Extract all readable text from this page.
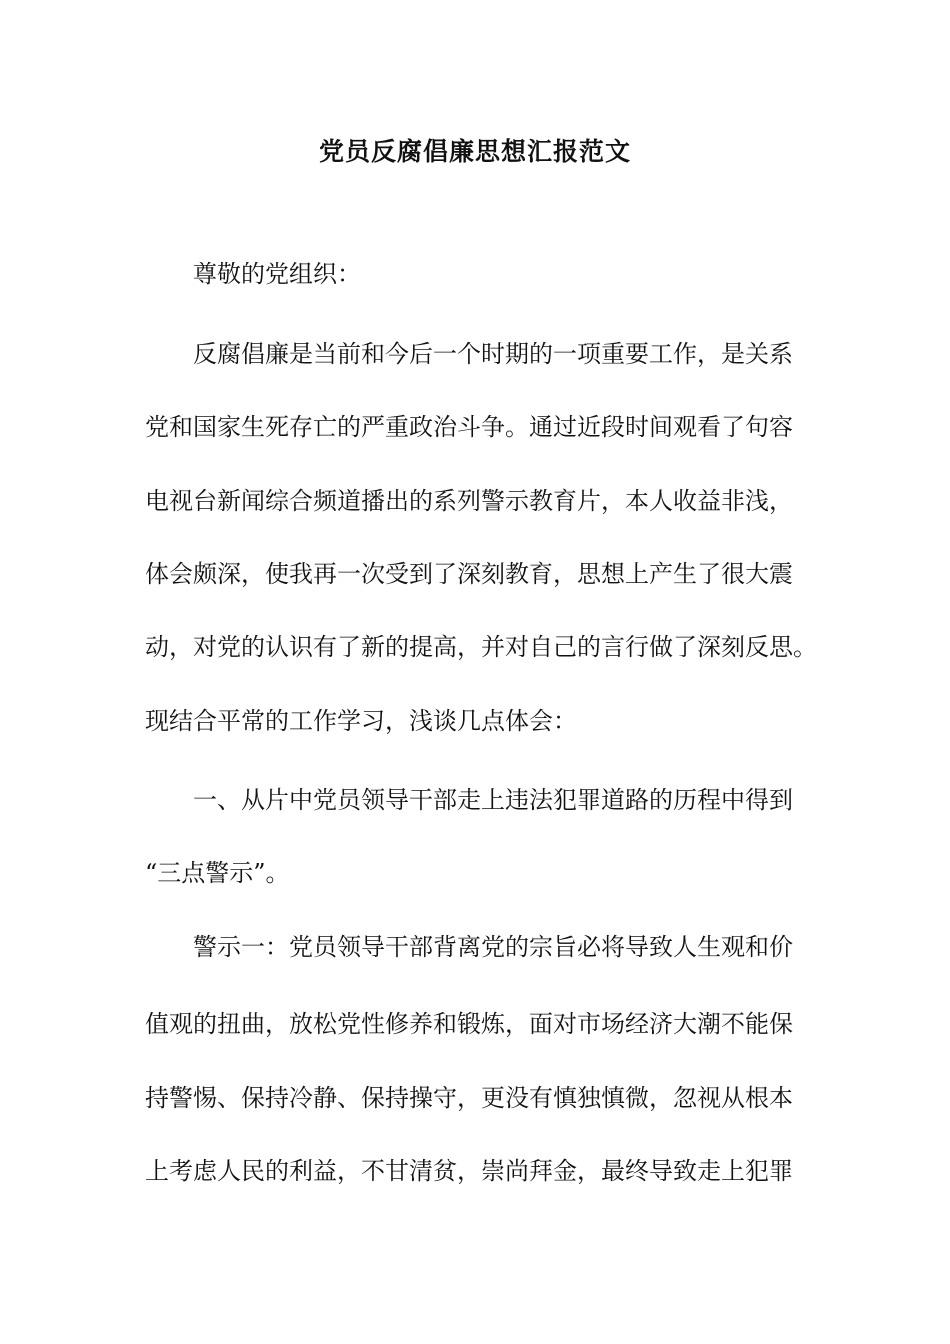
党员反腐倡廉思想汇报范文
尊敬的党组织：
反腐倡廉是当前和今后一个时期的一项重要工作，是关系
党和国家生死存亡的严重政治斗争。通过近段时间观看了句容
电视台新闻综合频道播出的系列警示教育片，本人收益非浅，
体会颇深，使我再一次受到了深刻教育，思想上产生了很大震
动，对党的认识有了新的提高，并对自己的言行做了深刻反思。
现结合平常的工作学习，浅谈几点体会：
一、从片中党员领导干部走上违法犯罪道路的历程中得到
“三点警示”。
警示一：党员领导干部背离党的宗旨必将导致人生观和价
值观的扭曲，放松党性修养和锻炼，面对市场经济大潮不能保
持警惕、保持冷静、保持操守，更没有慎独慎微，忽视从根本
上考虑人民的利益，不甘清贫，崇尚拜金，最终导致走上犯罪
